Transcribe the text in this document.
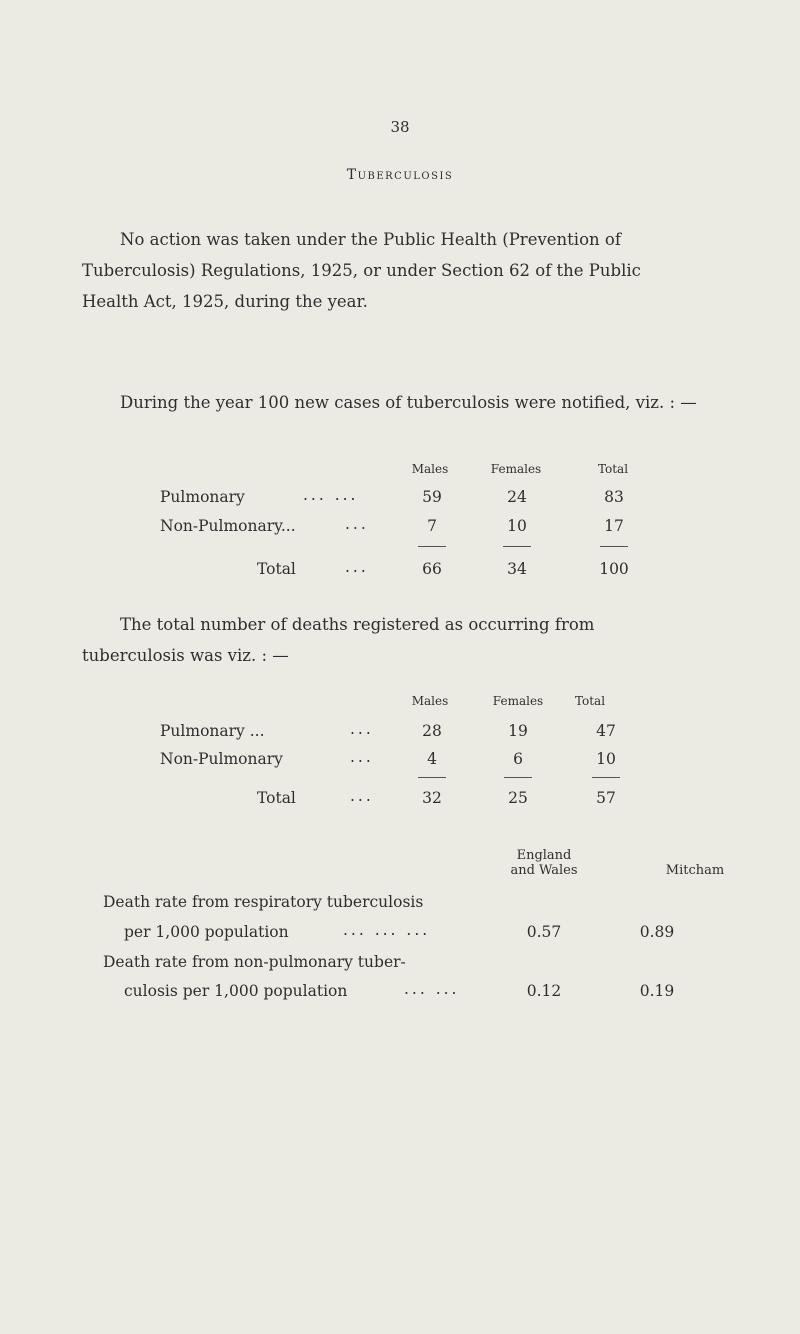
38
Tuberculosis

No action was taken under the Public Health (Prevention of Tuberculosis) Regulations, 1925, or under Section 62 of the Public Health Act, 1925, during the year.

During the year 100 new cases of tuberculosis were notified, viz. : —

Males	Females	Total
Pulmonary	... ...	59	24	83
Non-Pulmonary...	...	7	10	17
Total	...	66	34	100

The total number of deaths registered as occurring from tuberculosis was viz. : —

Males	Females	Total
Pulmonary ...	...	28	19	47
Non-Pulmonary	...	4	6	10
Total	...	32	25	57
England
and Wales	Mitcham
Death rate from respiratory tuberculosis
per 1,000 population	... ... ...	0.57	0.89
Death rate from non-pulmonary tuber-
culosis per 1,000 population	... ...	0.12	0.19
